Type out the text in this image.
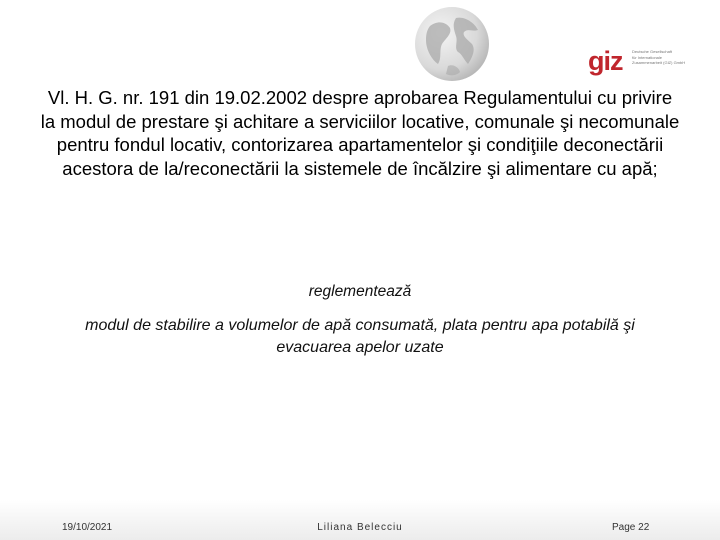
giz Deutsche Gesellschaft
für Internationale
Zusammenarbeit (GIZ) GmbH
Vl. H. G. nr. 191 din 19.02.2002 despre aprobarea Regulamentului cu privire la modul de prestare şi achitare a serviciilor locative, comunale şi necomunale pentru fondul locativ, contorizarea apartamentelor şi condiţiile deconectării acestora de la/reconectării la sistemele de încălzire şi alimentare cu apă;
reglementează
modul de stabilire a volumelor de apă consumată, plata pentru apa potabilă şi evacuarea apelor uzate
19/10/2021	Liliana Belecciu	Page 22
